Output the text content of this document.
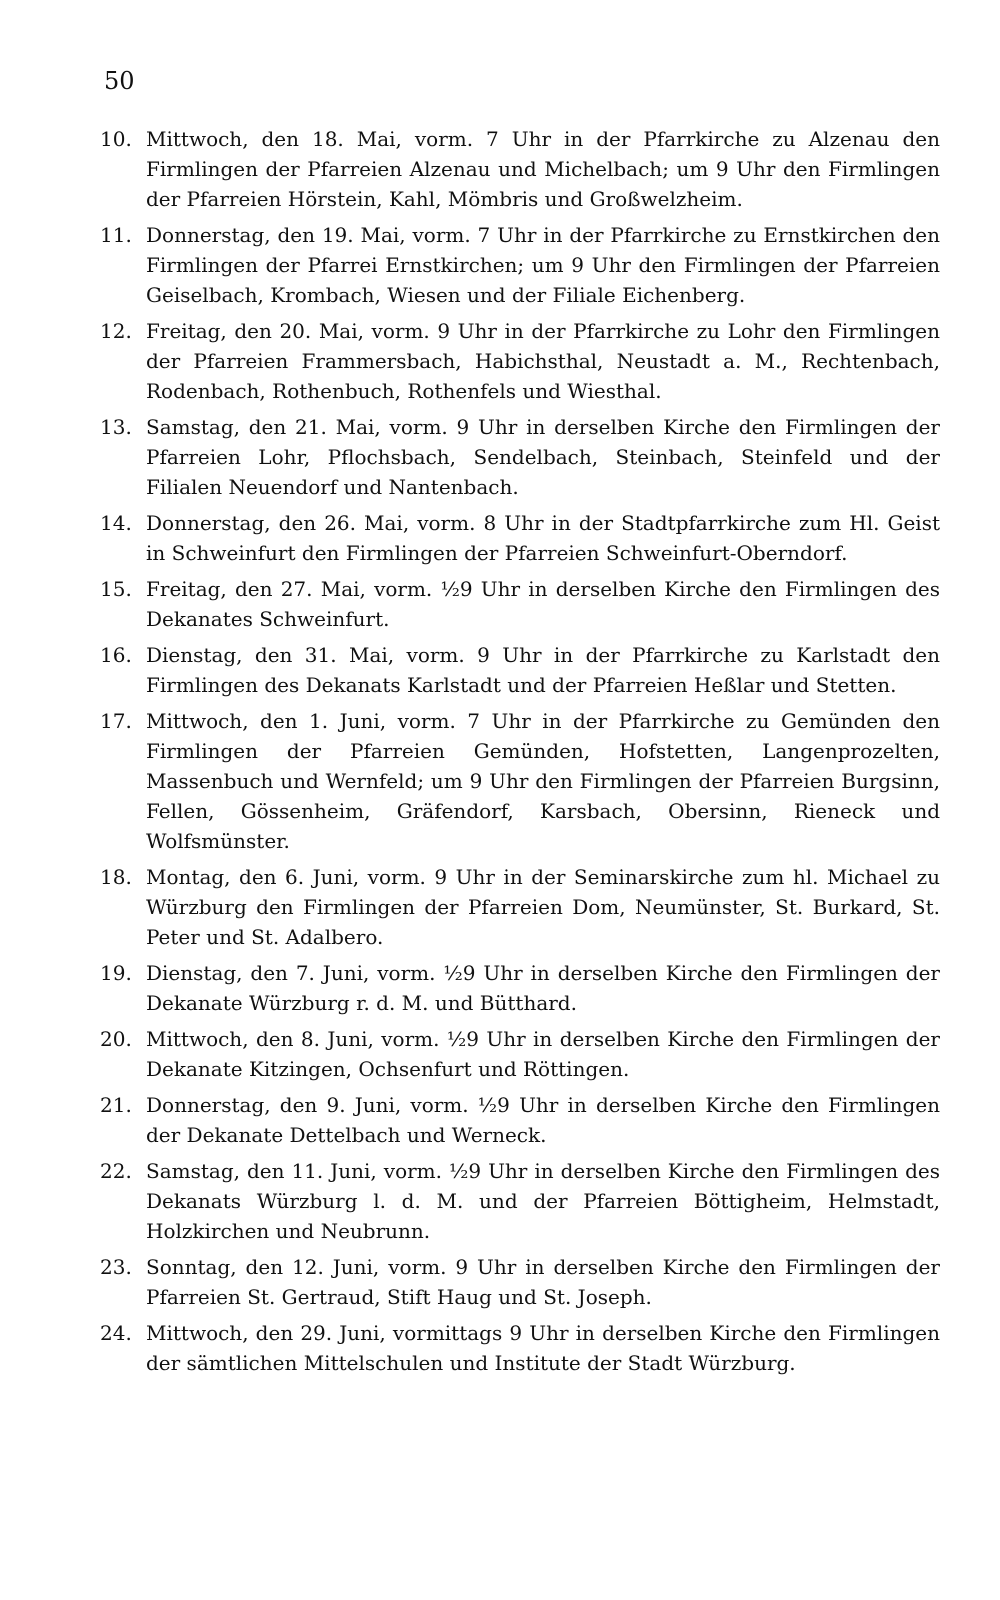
50
10. Mittwoch, den 18. Mai, vorm. 7 Uhr in der Pfarrkirche zu Alzenau den Firmlingen der Pfarreien Alzenau und Michelbach; um 9 Uhr den Firmlingen der Pfarreien Hörstein, Kahl, Mömbris und Großwelzheim.
11. Donnerstag, den 19. Mai, vorm. 7 Uhr in der Pfarrkirche zu Ernstkirchen den Firmlingen der Pfarrei Ernstkirchen; um 9 Uhr den Firmlingen der Pfarreien Geiselbach, Krombach, Wiesen und der Filiale Eichenberg.
12. Freitag, den 20. Mai, vorm. 9 Uhr in der Pfarrkirche zu Lohr den Firmlingen der Pfarreien Frammersbach, Habichsthal, Neustadt a. M., Rechtenbach, Rodenbach, Rothenbuch, Rothenfels und Wiesthal.
13. Samstag, den 21. Mai, vorm. 9 Uhr in derselben Kirche den Firmlingen der Pfarreien Lohr, Pflochsbach, Sendelbach, Steinbach, Steinfeld und der Filialen Neuendorf und Nantenbach.
14. Donnerstag, den 26. Mai, vorm. 8 Uhr in der Stadtpfarrkirche zum Hl. Geist in Schweinfurt den Firmlingen der Pfarreien Schweinfurt-Oberndorf.
15. Freitag, den 27. Mai, vorm. ½9 Uhr in derselben Kirche den Firmlingen des Dekanates Schweinfurt.
16. Dienstag, den 31. Mai, vorm. 9 Uhr in der Pfarrkirche zu Karlstadt den Firmlingen des Dekanats Karlstadt und der Pfarreien Heßlar und Stetten.
17. Mittwoch, den 1. Juni, vorm. 7 Uhr in der Pfarrkirche zu Gemünden den Firmlingen der Pfarreien Gemünden, Hofstetten, Langenprozelten, Massenbuch und Wernfeld; um 9 Uhr den Firmlingen der Pfarreien Burgsinn, Fellen, Gössenheim, Gräfendorf, Karsbach, Obersinn, Rieneck und Wolfsmünster.
18. Montag, den 6. Juni, vorm. 9 Uhr in der Seminarskirche zum hl. Michael zu Würzburg den Firmlingen der Pfarreien Dom, Neumünster, St. Burkard, St. Peter und St. Adalbero.
19. Dienstag, den 7. Juni, vorm. ½9 Uhr in derselben Kirche den Firmlingen der Dekanate Würzburg r. d. M. und Bütthard.
20. Mittwoch, den 8. Juni, vorm. ½9 Uhr in derselben Kirche den Firmlingen der Dekanate Kitzingen, Ochsenfurt und Röttingen.
21. Donnerstag, den 9. Juni, vorm. ½9 Uhr in derselben Kirche den Firmlingen der Dekanate Dettelbach und Werneck.
22. Samstag, den 11. Juni, vorm. ½9 Uhr in derselben Kirche den Firmlingen des Dekanats Würzburg l. d. M. und der Pfarreien Böttigheim, Helmstadt, Holzkirchen und Neubrunn.
23. Sonntag, den 12. Juni, vorm. 9 Uhr in derselben Kirche den Firmlingen der Pfarreien St. Gertraud, Stift Haug und St. Joseph.
24. Mittwoch, den 29. Juni, vormittags 9 Uhr in derselben Kirche den Firmlingen der sämtlichen Mittelschulen und Institute der Stadt Würzburg.
